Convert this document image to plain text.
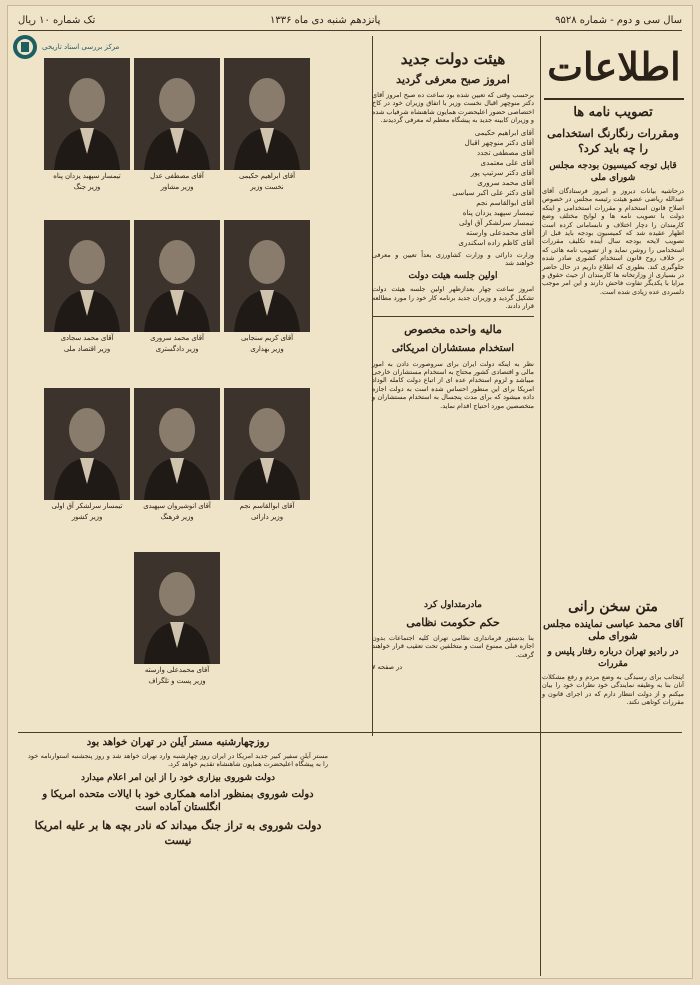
سال سی و دوم - شماره ۹۵۲۸
پانزدهم شنبه دی ماه ۱۳۳۶
تک شماره ۱۰ ریال
مرکز بررسی اسناد تاریخی	اطلاعات
تصویب نامه ها
ومقررات رنگارنگ استخدامی را چه باید کرد؟
قابل توجه کمیسیون بودجه مجلس شورای ملی
درحاشیه بیانات دیروز و امروز فرستادگان آقای عبدالله ریاضی عضو هیئت رئیسه مجلس در خصوص اصلاح قانون استخدام و مقررات استخدامی و اینکه دولت با تصویب نامه ها و لوایح مختلف وضع کارمندان را دچار اختلاف و نابسامانی کرده است اظهار عقیده شد که کمیسیون بودجه باید قبل از تصویب لایحه بودجه سال آینده تکلیف مقررات استخدامی را روشن نماید و از تصویب نامه هائی که بر خلاف روح قانون استخدام کشوری صادر شده جلوگیری کند. بطوری که اطلاع داریم در حال حاضر در بسیاری از وزارتخانه ها کارمندان از حیث حقوق و مزایا با یکدیگر تفاوت فاحش دارند و این امر موجب دلسردی عده زیادی شده است.
هیئت دولت جدید
امروز صبح معرفی گردید
برحسب وقتی که تعیین شده بود ساعت ده صبح امروز آقای دکتر منوچهر اقبال نخست وزیر با اتفاق وزیران خود در کاخ اختصاصی حضور اعلیحضرت همایون شاهنشاه شرفیاب شده و وزیران کابینه جدید به پیشگاه معظم له معرفی گردیدند.
آقای ابراهیم حکیمی
آقای دکتر منوچهر اقبال
آقای مصطفی تجدد
آقای علی معتمدی
آقای دکتر سرتیپ پور
آقای محمد سروری
آقای دکتر علی اکبر سیاسی
آقای ابوالقاسم نجم
تیمسار سپهبد یزدان پناه
تیمسار سرلشکر آق اولی
آقای محمدعلی وارسته
آقای کاظم زاده اسکندری
وزارت دارائی و وزارت کشاورزی بعداً تعیین و معرفی خواهند شد
اولین جلسه هیئت دولت
امروز ساعت چهار بعدازظهر اولین جلسه هیئت دولت تشکیل گردید و وزیران جدید برنامه کار خود را مورد مطالعه قرار دادند.
مالیه واحده مخصوص
استخدام مستشاران امریکائی
نظر به اینکه دولت ایران برای سروصورت دادن به امور مالی و اقتصادی کشور محتاج به استخدام مستشاران خارجی میباشد و لزوم استخدام عده ای از اتباع دولت کامله الوداد امریکا برای این منظور احساس شده است به دولت اجازه داده میشود که برای مدت پنجسال به استخدام مستشاران و متخصصین مورد احتیاج اقدام نماید.
آقای ابراهیم حکیمی
نخست وزیر
آقای مصطفی عدل
وزیر مشاور
تیمسار سپهبد یزدان پناه
وزیر جنگ
آقای کریم سنجابی
وزیر بهداری
آقای محمد سروری
وزیر دادگستری
آقای محمد سجادی
وزیر اقتصاد ملی
آقای ابوالقاسم نجم
وزیر دارائی
آقای انوشیروان سپهبدی
وزیر فرهنگ
تیمسار سرلشکر آق اولی
وزیر کشور
آقای محمدعلی وارسته
وزیر پست و تلگراف
روزچهارشنبه مستر آیلن در تهران خواهد بود
مستر آیلن سفیر کبیر جدید امریکا در ایران روز چهارشنبه وارد تهران خواهد شد و روز پنجشنبه استوارنامه خود را به پیشگاه اعلیحضرت همایون شاهنشاه تقدیم خواهد کرد.
دولت شوروی بیزاری خود را از این امر اعلام میدارد
دولت شوروی بمنظور ادامه همکاری خود با ایالات متحده امریکا و انگلستان آماده است
دولت شوروی به تراز جنگ میداند که نادر بچه ها بر علیه امریکا نیست
متن سخن رانی
آقای محمد عباسی نماینده مجلس شورای ملی
در رادیو تهران درباره رفتار پلیس و مقررات
اینجانب برای رسیدگی به وضع مردم و رفع مشکلات آنان بنا به وظیفه نمایندگی خود نظرات خود را بیان میکنم و از دولت انتظار دارم که در اجرای قانون و مقررات کوتاهی نکند.
مادرمتداول کرد
حکم حکومت نظامی
بنا بدستور فرمانداری نظامی تهران کلیه اجتماعات بدون اجازه قبلی ممنوع است و متخلفین تحت تعقیب قرار خواهند گرفت.
در صفحه ۷
